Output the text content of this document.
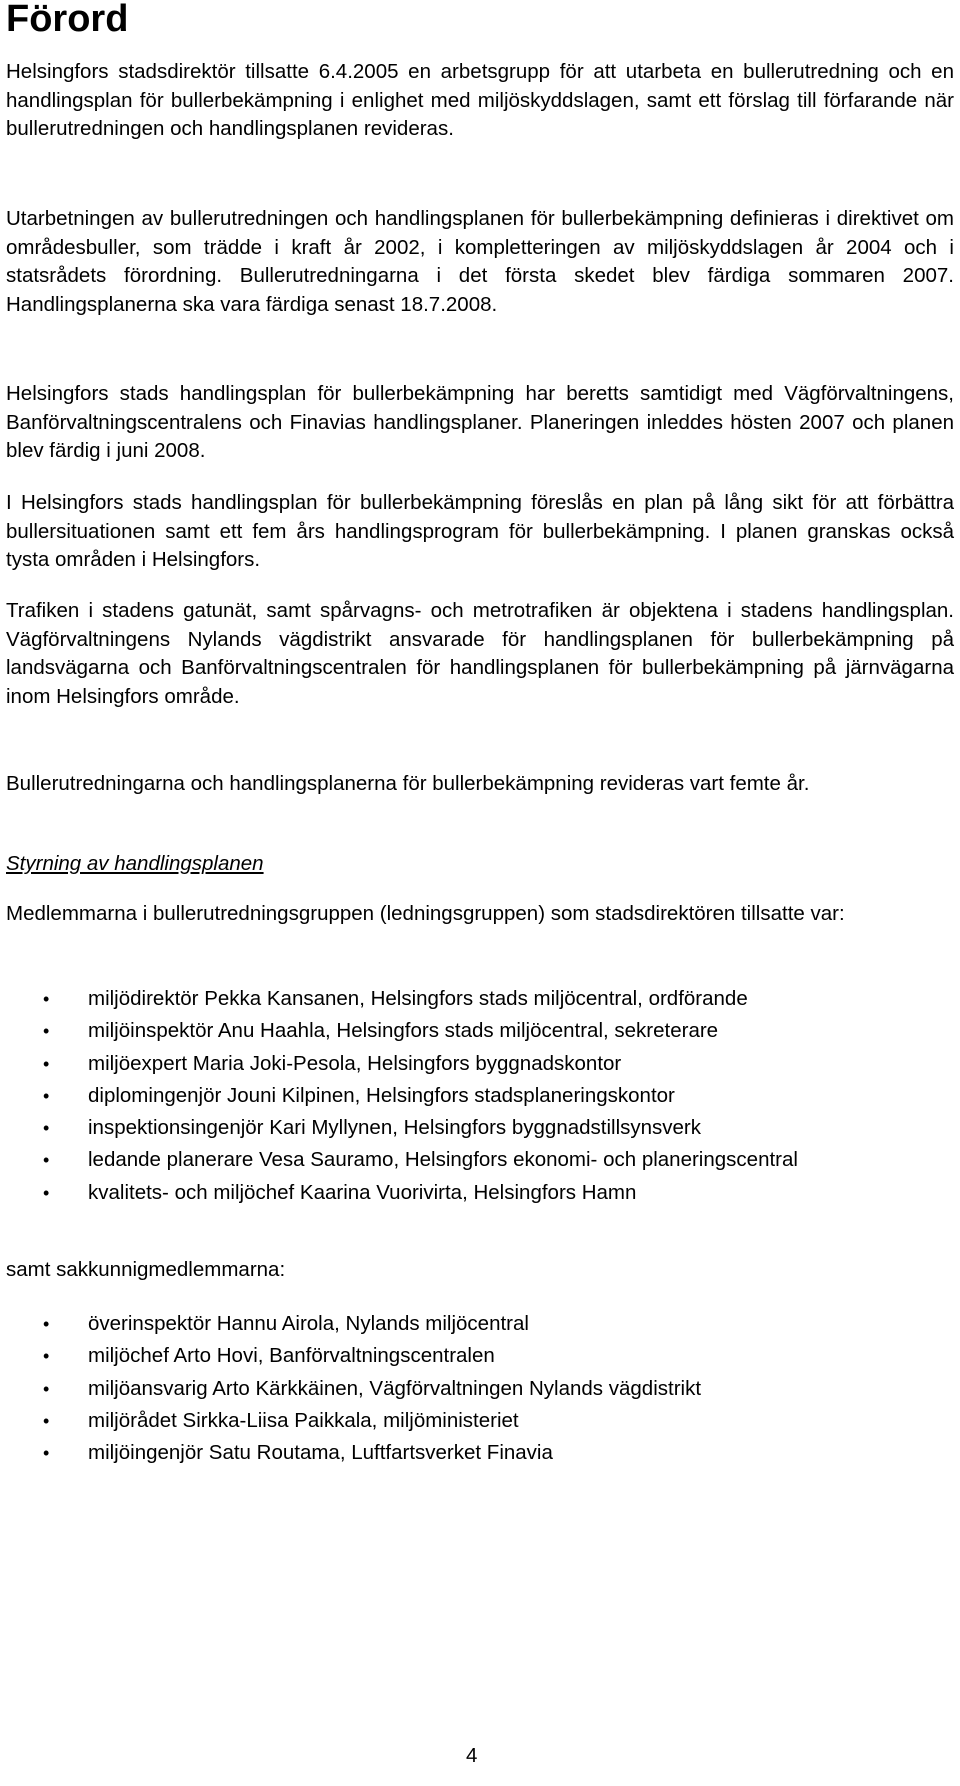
Förord

Helsingfors stadsdirektör tillsatte 6.4.2005 en arbetsgrupp för att utarbeta en bullerutredning och en handlingsplan för bullerbekämpning i enlighet med miljöskyddslagen, samt ett förslag till förfarande när bullerutredningen och handlingsplanen revideras.

Utarbetningen av bullerutredningen och handlingsplanen för bullerbekämpning definieras i direktivet om områdesbuller, som trädde i kraft år 2002, i kompletteringen av miljöskyddslagen år 2004 och i statsrådets förordning. Bullerutredningarna i det första skedet blev färdiga sommaren 2007. Handlingsplanerna ska vara färdiga senast 18.7.2008.

Helsingfors stads handlingsplan för bullerbekämpning har beretts samtidigt med Vägförvaltningens, Banförvaltningscentralens och Finavias handlingsplaner. Planeringen inleddes hösten 2007 och planen blev färdig i juni 2008.

I Helsingfors stads handlingsplan för bullerbekämpning föreslås en plan på lång sikt för att förbättra bullersituationen samt ett fem års handlingsprogram för bullerbekämpning. I planen granskas också tysta områden i Helsingfors.

Trafiken i stadens gatunät, samt spårvagns- och metrotrafiken är objektena i stadens handlingsplan. Vägförvaltningens Nylands vägdistrikt ansvarade för handlingsplanen för bullerbekämpning på landsvägarna och Banförvaltningscentralen för handlingsplanen för bullerbekämpning på järnvägarna inom Helsingfors område.

Bullerutredningarna och handlingsplanerna för bullerbekämpning revideras vart femte år.

Styrning av handlingsplanen

Medlemmarna i bullerutredningsgruppen (ledningsgruppen) som stadsdirektören tillsatte var:

• miljödirektör Pekka Kansanen, Helsingfors stads miljöcentral, ordförande
• miljöinspektör Anu Haahla, Helsingfors stads miljöcentral, sekreterare
• miljöexpert Maria Joki-Pesola, Helsingfors byggnadskontor
• diplomingenjör Jouni Kilpinen, Helsingfors stadsplaneringskontor
• inspektionsingenjör Kari Myllynen, Helsingfors byggnadstillsynsverk
• ledande planerare Vesa Sauramo, Helsingfors ekonomi- och planeringscentral
• kvalitets- och miljöchef Kaarina Vuorivirta, Helsingfors Hamn

samt sakkunnigmedlemmarna:

• överinspektör Hannu Airola, Nylands miljöcentral
• miljöchef Arto Hovi, Banförvaltningscentralen
• miljöansvarig Arto Kärkkäinen, Vägförvaltningen Nylands vägdistrikt
• miljörådet Sirkka-Liisa Paikkala, miljöministeriet
• miljöingenjör Satu Routama, Luftfartsverket Finavia
4
